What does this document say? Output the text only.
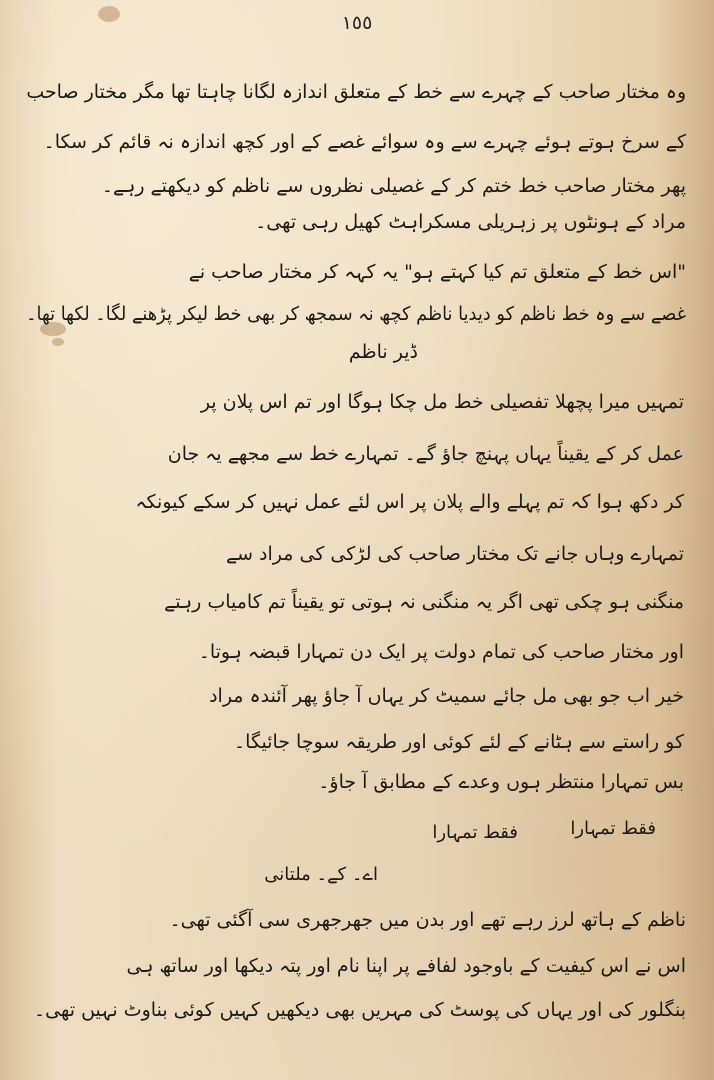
١٥٥
وہ مختار صاحب کے چہرے سے خط کے متعلق اندازہ لگانا چاہتا تھا مگر مختار صاحب
کے سرخ ہوتے ہوئے چہرے سے وہ سوائے غصے کے اور کچھ اندازہ نہ قائم کر سکا۔
پھر مختار صاحب خط ختم کر کے غصیلی نظروں سے ناظم کو دیکھتے رہے۔
مراد کے ہونٹوں پر زہریلی مسکراہٹ کھیل رہی تھی۔
"اس خط کے متعلق تم کیا کہتے ہو" یہ کہہ کر مختار صاحب نے
غصے سے وہ خط ناظم کو دیدیا ناظم کچھ نہ سمجھ کر بھی خط لیکر پڑھنے لگا۔ لکھا تھا۔
ڈیر ناظم
تمہیں میرا پچھلا تفصیلی خط مل چکا ہوگا اور تم اس پلان پر
عمل کر کے یقیناً یہاں پہنچ جاؤ گے۔ تمہارے خط سے مجھے یہ جان
کر دکھ ہوا کہ تم پہلے والے پلان پر اس لئے عمل نہیں کر سکے کیونکہ
تمہارے وہاں جانے تک مختار صاحب کی لڑکی کی مراد سے
منگنی ہو چکی تھی اگر یہ منگنی نہ ہوتی تو یقیناً تم کامیاب رہتے
اور مختار صاحب کی تمام دولت پر ایک دن تمہارا قبضہ ہوتا۔
خیر اب جو بھی مل جائے سمیٹ کر یہاں آ جاؤ پھر آئندہ مراد
کو راستے سے ہٹانے کے لئے کوئی اور طریقہ سوچا جائیگا۔
بس تمہارا منتظر ہوں وعدے کے مطابق آ جاؤ۔
فقط تمہارا
فقط تمہارا
اے۔ کے۔ ملتانی
ناظم کے ہاتھ لرز رہے تھے اور بدن میں جھرجھری سی آگئی تھی۔
اس نے اس کیفیت کے باوجود لفافے پر اپنا نام اور پتہ دیکھا اور ساتھ ہی
بنگلور کی اور یہاں کی پوسٹ کی مہریں بھی دیکھیں کہیں کوئی بناوٹ نہیں تھی۔
